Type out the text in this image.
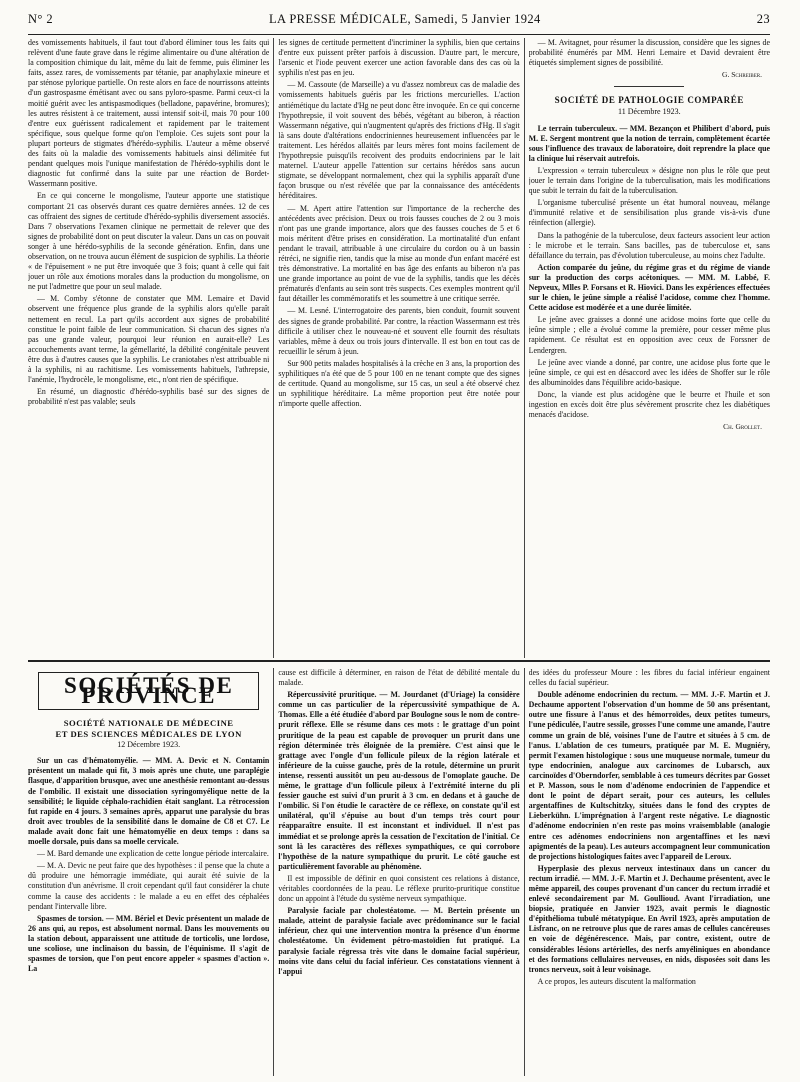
N° 2	LA PRESSE MÉDICALE, Samedi, 5 Janvier 1924	23

des vomissements habituels, il faut tout d'abord éliminer tous les faits qui relèvent d'une faute grave dans le régime alimentaire ou d'une altération de la composition chimique du lait, même du lait de femme, puis éliminer les faits, assez rares, de vomissements par tétanie, par anaphylaxie mineure et par sténose pylorique partielle. On reste alors en face de nourrissons atteints d'un gastrospasme émétisant avec ou sans pyloro-spasme. Parmi ceux-ci la moitié guérit avec les antispasmodiques (belladone, papavérine, bromures); les autres résistent à ce traitement, aussi intensif soit-il, mais 70 pour 100 d'entre eux guérissent radicalement et rapidement par le traitement spécifique, sous quelque forme qu'on l'emploie. Ces sujets sont pour la plupart porteurs de stigmates d'hérédo-syphilis. L'auteur a même observé des faits où la maladie des vomissements habituels ainsi délimitée fut pendant quelques mois l'unique manifestation de l'hérédo-syphilis dont le diagnostic fut confirmé dans la suite par une réaction de Bordet-Wassermann positive.

En ce qui concerne le mongolisme, l'auteur apporte une statistique comportant 21 cas observés durant ces quatre dernières années. 12 de ces cas offraient des signes de certitude d'hérédo-syphilis diversement associés. Dans 7 observations l'examen clinique ne permettait de relever que des signes de probabilité dont on peut discuter la valeur. Dans un cas on pouvait songer à une hérédo-syphilis de la seconde génération. Enfin, dans une observation, on ne trouva aucun élément de suspicion de syphilis. La théorie « de l'épuisement » ne put être invoquée que 3 fois; quant à celle qui fait jouer un rôle aux émotions morales dans la production du mongolisme, on ne put l'admettre que pour un seul malade.

— M. Comby s'étonne de constater que MM. Lemaire et David observent une fréquence plus grande de la syphilis alors qu'elle paraît nettement en recul. La part qu'ils accordent aux signes de probabilité constitue le point faible de leur communication. Si chacun des signes n'a pas une grande valeur, pourquoi leur réunion en aurait-elle? Les accouchements avant terme, la gémellarité, la débilité congénitale peuvent être dus à d'autres causes que la syphilis. Le craniotabes n'est attribuable ni à la syphilis, ni au rachitisme. Les vomissements habituels, l'athrepsie, l'anémie, l'hydrocèle, le mongolisme, etc., n'ont rien de spécifique.

En résumé, un diagnostic d'hérédo-syphilis basé sur des signes de probabilité n'est pas valable; seuls

les signes de certitude permettent d'incriminer la syphilis, bien que certains d'entre eux puissent prêter parfois à discussion. D'autre part, le mercure, l'arsenic et l'iode peuvent exercer une action favorable dans des cas où la syphilis n'est pas en jeu.

— M. Cassoute (de Marseille) a vu d'assez nombreux cas de maladie des vomissements habituels guéris par les frictions mercurielles. L'action antiémétique du lactate d'Hg ne peut donc être invoquée. En ce qui concerne l'hypothrepsie, il voit souvent des bébés, végétant au biberon, à réaction Wassermann négative, qui n'augmentent qu'après des frictions d'Hg. Il s'agit là sans doute d'altérations endocriniennes heureusement influencées par le traitement. Les hérédos allaités par leurs mères font moins facilement de l'hypothrepsie puisqu'ils recoivent des produits endocriniens par le lait maternel. L'auteur appelle l'attention sur certains hérédos sans aucun stigmate, se développant normalement, chez qui la syphilis apparaît d'une façon brusque ou n'est révélée que par la connaissance des antécédents héréditaires.

— M. Apert attire l'attention sur l'importance de la recherche des antécédents avec précision. Deux ou trois fausses couches de 2 ou 3 mois n'ont pas une grande importance, alors que des fausses couches de 5 et 6 mois méritent d'être prises en considération. La mortinatalité d'un enfant pendant le travail, attribuable à une circulaire du cordon ou à un bassin rétréci, ne signifie rien, tandis que la mise au monde d'un enfant macéré est très démonstrative. La mortalité en bas âge des enfants au biberon n'a pas une grande importance au point de vue de la syphilis, tandis que les décès prématurés d'enfants au sein sont très suspects. Ces exemples montrent qu'il faut détailler les commémoratifs et les soumettre à une critique serrée.

— M. Lesné. L'interrogatoire des parents, bien conduit, fournit souvent des signes de grande probabilité. Par contre, la réaction Wassermann est très difficile à utiliser chez le nouveau-né et souvent elle fournit des résultats variables, même à deux ou trois jours d'intervalle. Il est bon en tout cas de recueillir le sérum à jeun.

Sur 900 petits malades hospitalisés à la crèche en 3 ans, la proportion des syphilitiques n'a été que de 5 pour 100 en ne tenant compte que des signes de certitude. Quand au mongolisme, sur 15 cas, un seul a été observé chez un syphilitique héréditaire. La même proportion peut être notée pour n'importe quelle affection.

— M. Avitagnet, pour résumer la discussion, considère que les signes de probabilité énumérés par MM. Henri Lemaire et David devraient être étiquetés simplement signes de possibilité.

G. Schreiber.
SOCIÉTÉ DE PATHOLOGIE COMPARÉE
11 Décembre 1923.

Le terrain tuberculeux. — MM. Bezançon et Philibert d'abord, puis M. E. Sergent montrent que la notion de terrain, complètement écartée sous l'influence des travaux de laboratoire, doit reprendre la place que la clinique lui réservait autrefois.

L'expression « terrain tuberculeux » désigne non plus le rôle que peut jouer le terrain dans l'origine de la tuberculisation, mais les modifications que subit le terrain du fait de la tuberculisation.

L'organisme tuberculisé présente un état humoral nouveau, mélange d'immunité relative et de sensibilisation plus grande vis-à-vis d'une réinfection (allergie).

Dans la pathogénie de la tuberculose, deux facteurs associent leur action : le microbe et le terrain. Sans bacilles, pas de tuberculose et, sans défaillance du terrain, pas d'évolution tuberculeuse, au moins chez l'adulte.

Action comparée du jeûne, du régime gras et du régime de viande sur la production des corps acétoniques. — MM. M. Labbé, F. Nepveux, Mlles P. Forsans et R. Hiovici. Dans les expériences effectuées sur le chien, le jeûne simple a réalisé l'acidose, comme chez l'homme. Cette acidose est modérée et a une durée limitée.

Le jeûne avec graisses a donné une acidose moins forte que celle du jeûne simple ; elle a évolué comme la première, pour cesser même plus rapidement. Ce résultat est en opposition avec ceux de Forssner de Lendergren.

Le jeûne avec viande a donné, par contre, une acidose plus forte que le jeûne simple, ce qui est en désaccord avec les idées de Shoffer sur le rôle des albuminoïdes dans l'équilibre acido-basique.

Donc, la viande est plus acidogène que le beurre et l'huile et son ingestion en excès doit être plus sévèrement proscrite chez les diabétiques menacés d'acidose.

Ch. Grollet.
SOCIÉTÉS DE PROVINCE
SOCIÉTÉ NATIONALE DE MÉDECINE
ET DES SCIENCES MÉDICALES DE LYON
12 Décembre 1923.

Sur un cas d'hématomyélie. — MM. A. Devic et N. Contamin présentent un malade qui fit, 3 mois après une chute, une paraplégie flasque, d'apparition brusque, avec une anesthésie remontant au-dessus de l'ombilic. Il existait une dissociation syringomyélique nette de la sensibilité; le liquide céphalo-rachidien était sanglant. La rétrocession fut rapide en 4 jours. 3 semaines après, apparut une paralysie du bras droit avec troubles de la sensibilité dans le domaine de C8 et C7. Le malade avait donc fait une hématomyélie en deux temps : dans sa moelle dorsale, puis dans sa moelle cervicale.

— M. Bard demande une explication de cette longue période intercalaire.

— M. A. Devic ne peut faire que des hypothèses : il pense que la chute a dû produire une hémorragie immédiate, qui aurait été suivie de la constitution d'un anévrisme. Il croit cependant qu'il faut considérer la chute comme la cause des accidents : le malade a eu en effet des céphalées pendant l'intervalle libre.

Spasmes de torsion. — MM. Bériel et Devic présentent un malade de 26 ans qui, au repos, est absolument normal. Dans les mouvements ou la station debout, apparaissent une attitude de torticolis, une lordose, une scoliose, une inclinaison du bassin, de l'équinisme. Il s'agit de spasmes de torsion, que l'on peut encore appeler « spasmes d'action ». La

cause est difficile à déterminer, en raison de l'état de débilité mentale du malade.

Répercussivité pruritique. — M. Jourdanet (d'Uriage) la considère comme un cas particulier de la répercussivité sympathique de A. Thomas. Elle a été étudiée d'abord par Boulogne sous le nom de contre-prurit réflexe. Elle se résume dans ces mots : le grattage d'un point pruritique de la peau est capable de provoquer un prurit dans une région déterminée très éloignée de la première. C'est ainsi que le grattage avec l'ongle d'un follicule pileux de la région latérale et inférieure de la cuisse gauche, près de la rotule, détermine un prurit intense, ressenti aussitôt un peu au-dessous de l'omoplate gauche. De même, le grattage d'un follicule pileux à l'extrémité interne du pli fessier gauche est suivi d'un prurit à 3 cm. en dedans et à gauche de l'ombilic. Si l'on étudie le caractère de ce réflexe, on constate qu'il est unilatéral, qu'il s'épuise au bout d'un temps très court pour réapparaître ensuite. Il est inconstant et individuel. Il n'est pas immédiat et se prolonge après la cessation de l'excitation de l'initial. Ce sont là les caractères des réflexes sympathiques, ce qui corrobore l'hypothèse de la nature sympathique du prurit. Le côté gauche est particulièrement favorable au phénomène.

Il est impossible de définir en quoi consistent ces relations à distance, véritables coordonnées de la peau. Le réflexe prurito-pruritique constitue donc un appoint à l'étude du système nerveux sympathique.

Paralysie faciale par cholestéatome. — M. Bertein présente un malade, atteint de paralysie faciale avec prédominance sur le facial inférieur, chez qui une intervention montra la présence d'un énorme cholestéatome. Un évidement pétro-mastoïdien fut pratiqué. La paralysie faciale régressa très vite dans le domaine facial supérieur, moins vite dans celui du facial inférieur. Ces constatations viennent à l'appui

des idées du professeur Moure : les fibres du facial inférieur engainent celles du facial supérieur.

Double adénome endocrinien du rectum. — MM. J.-F. Martin et J. Dechaume apportent l'observation d'un homme de 50 ans présentant, outre une fissure à l'anus et des hémorroïdes, deux petites tumeurs, l'une pédiculée, l'autre sessile, grosses l'une comme une amande, l'autre comme un grain de blé, voisines l'une de l'autre et situées à 5 cm. de l'anus. L'ablation de ces tumeurs, pratiquée par M. E. Mugniéry, permit l'examen histologique : sous une muqueuse normale, tumeur du type endocrinien, analogue aux carcinomes de Lubarsch, aux carcinoïdes d'Oberndorfer, semblable à ces tumeurs décrites par Gosset et P. Masson, sous le nom d'adénome endocrinien de l'appendice et dont le point de départ serait, pour ces auteurs, les cellules argentaffines de Kultschitzky, situées dans le fond des cryptes de Lieberkühn. L'imprégnation à l'argent reste négative. Le diagnostic d'adénome endocrinien n'en reste pas moins vraisemblable (analogie entre ces adénomes endocriniens non argentaffines et les nævi apigmentés de la peau). Les auteurs accompagnent leur communication de projections histologiques faites avec l'appareil de Leroux.

Hyperplasie des plexus nerveux intestinaux dans un cancer du rectum irradié. — MM. J.-F. Martin et J. Dechaume présentent, avec le même appareil, des coupes provenant d'un cancer du rectum irradié et enlevé secondairement par M. Goullioud. Avant l'irradiation, une biopsie, pratiquée en Janvier 1923, avait permis le diagnostic d'épithélioma tubulé métatypique. En Avril 1923, après amputation de Lisfranc, on ne retrouve plus que de rares amas de cellules cancéreuses en voie de dégénérescence. Mais, par contre, existent, outre de considérables lésions artérielles, des nerfs amyéliniques en abondance et des formations cellulaires nerveuses, en nids, disposées soit dans les troncs nerveux, soit à leur voisinage.

A ce propos, les auteurs discutent la malformation
